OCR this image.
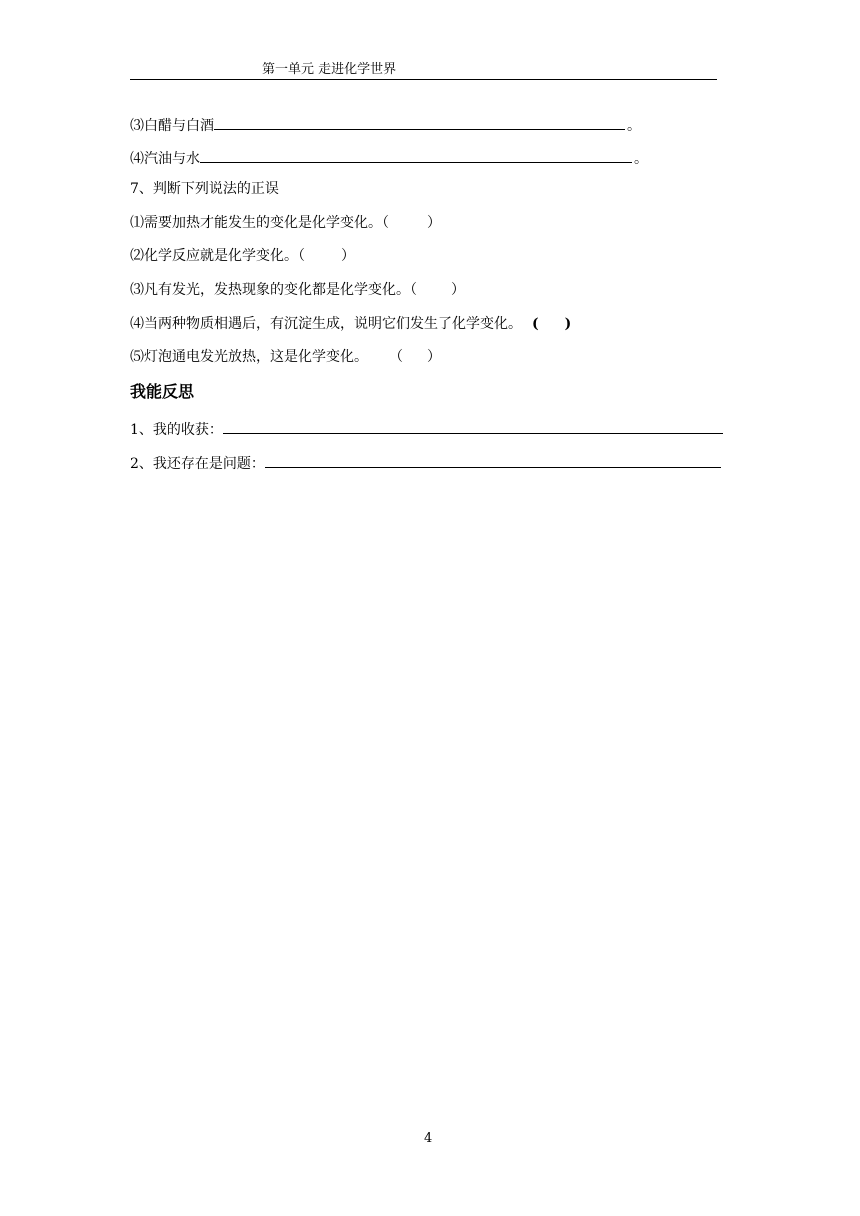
第一单元 走进化学世界
⑶白醋与白酒	。
⑷汽油与水	。
7、判断下列说法的正误
⑴需要加热才能发生的变化是化学变化。（	）
⑵化学反应就是化学变化。（	）
⑶凡有发光，发热现象的变化都是化学变化。（ ）
⑷当两种物质相遇后，有沉淀生成，说明它们发生了化学变化。 ( )
⑸灯泡通电发光放热，这是化学变化。 （ ）
我能反思
1、我的收获：
2、我还存在是问题：
4
